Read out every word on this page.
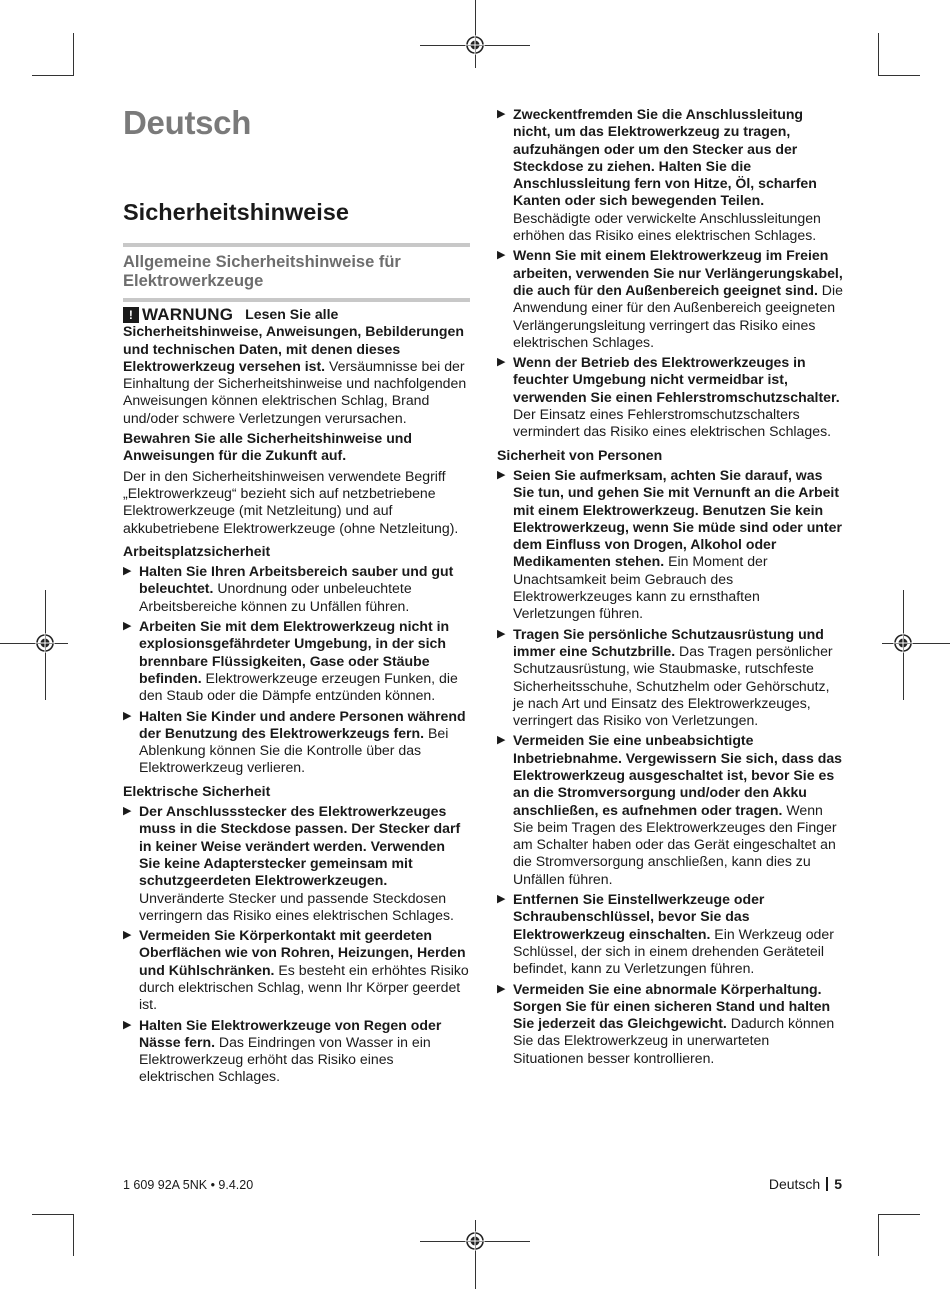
Deutsch
Sicherheitshinweise
Allgemeine Sicherheitshinweise für Elektrowerkzeuge

! WARNUNG Lesen Sie alle Sicherheitshinweise, Anweisungen, Bebilderungen und technischen Daten, mit denen dieses Elektrowerkzeug versehen ist. Versäumnisse bei der Einhaltung der Sicherheitshinweise und nachfolgenden Anweisungen können elektrischen Schlag, Brand und/oder schwere Verletzungen verursachen.

Bewahren Sie alle Sicherheitshinweise und Anweisungen für die Zukunft auf.

Der in den Sicherheitshinweisen verwendete Begriff „Elektrowerkzeug“ bezieht sich auf netzbetriebene Elektrowerkzeuge (mit Netzleitung) und auf akkubetriebene Elektrowerkzeuge (ohne Netzleitung).

Arbeitsplatzsicherheit

▶ Halten Sie Ihren Arbeitsbereich sauber und gut beleuchtet. Unordnung oder unbeleuchtete Arbeitsbereiche können zu Unfällen führen.

▶ Arbeiten Sie mit dem Elektrowerkzeug nicht in explosionsgefährdeter Umgebung, in der sich brennbare Flüssigkeiten, Gase oder Stäube befinden. Elektrowerkzeuge erzeugen Funken, die den Staub oder die Dämpfe entzünden können.

▶ Halten Sie Kinder und andere Personen während der Benutzung des Elektrowerkzeugs fern. Bei Ablenkung können Sie die Kontrolle über das Elektrowerkzeug verlieren.

Elektrische Sicherheit

▶ Der Anschlussstecker des Elektrowerkzeuges muss in die Steckdose passen. Der Stecker darf in keiner Weise verändert werden. Verwenden Sie keine Adapterstecker gemeinsam mit schutzgeerdeten Elektrowerkzeugen. Unveränderte Stecker und passende Steckdosen verringern das Risiko eines elektrischen Schlages.

▶ Vermeiden Sie Körperkontakt mit geerdeten Oberflächen wie von Rohren, Heizungen, Herden und Kühlschränken. Es besteht ein erhöhtes Risiko durch elektrischen Schlag, wenn Ihr Körper geerdet ist.

▶ Halten Sie Elektrowerkzeuge von Regen oder Nässe fern. Das Eindringen von Wasser in ein Elektrowerkzeug erhöht das Risiko eines elektrischen Schlages.

▶ Zweckentfremden Sie die Anschlussleitung nicht, um das Elektrowerkzeug zu tragen, aufzuhängen oder um den Stecker aus der Steckdose zu ziehen. Halten Sie die Anschlussleitung fern von Hitze, Öl, scharfen Kanten oder sich bewegenden Teilen. Beschädigte oder verwickelte Anschlussleitungen erhöhen das Risiko eines elektrischen Schlages.

▶ Wenn Sie mit einem Elektrowerkzeug im Freien arbeiten, verwenden Sie nur Verlängerungskabel, die auch für den Außenbereich geeignet sind. Die Anwendung einer für den Außenbereich geeigneten Verlängerungsleitung verringert das Risiko eines elektrischen Schlages.

▶ Wenn der Betrieb des Elektrowerkzeuges in feuchter Umgebung nicht vermeidbar ist, verwenden Sie einen Fehlerstromschutzschalter. Der Einsatz eines Fehlerstromschutzschalters vermindert das Risiko eines elektrischen Schlages.

Sicherheit von Personen

▶ Seien Sie aufmerksam, achten Sie darauf, was Sie tun, und gehen Sie mit Vernunft an die Arbeit mit einem Elektrowerkzeug. Benutzen Sie kein Elektrowerkzeug, wenn Sie müde sind oder unter dem Einfluss von Drogen, Alkohol oder Medikamenten stehen. Ein Moment der Unachtsamkeit beim Gebrauch des Elektrowerkzeuges kann zu ernsthaften Verletzungen führen.

▶ Tragen Sie persönliche Schutzausrüstung und immer eine Schutzbrille. Das Tragen persönlicher Schutzausrüstung, wie Staubmaske, rutschfeste Sicherheitsschuhe, Schutzhelm oder Gehörschutz, je nach Art und Einsatz des Elektrowerkzeuges, verringert das Risiko von Verletzungen.

▶ Vermeiden Sie eine unbeabsichtigte Inbetriebnahme. Vergewissern Sie sich, dass das Elektrowerkzeug ausgeschaltet ist, bevor Sie es an die Stromversorgung und/oder den Akku anschließen, es aufnehmen oder tragen. Wenn Sie beim Tragen des Elektrowerkzeuges den Finger am Schalter haben oder das Gerät eingeschaltet an die Stromversorgung anschließen, kann dies zu Unfällen führen.

▶ Entfernen Sie Einstellwerkzeuge oder Schraubenschlüssel, bevor Sie das Elektrowerkzeug einschalten. Ein Werkzeug oder Schlüssel, der sich in einem drehenden Geräteteil befindet, kann zu Verletzungen führen.

▶ Vermeiden Sie eine abnormale Körperhaltung. Sorgen Sie für einen sicheren Stand und halten Sie jederzeit das Gleichgewicht. Dadurch können Sie das Elektrowerkzeug in unerwarteten Situationen besser kontrollieren.

1 609 92A 5NK • 9.4.20	Deutsch 5
